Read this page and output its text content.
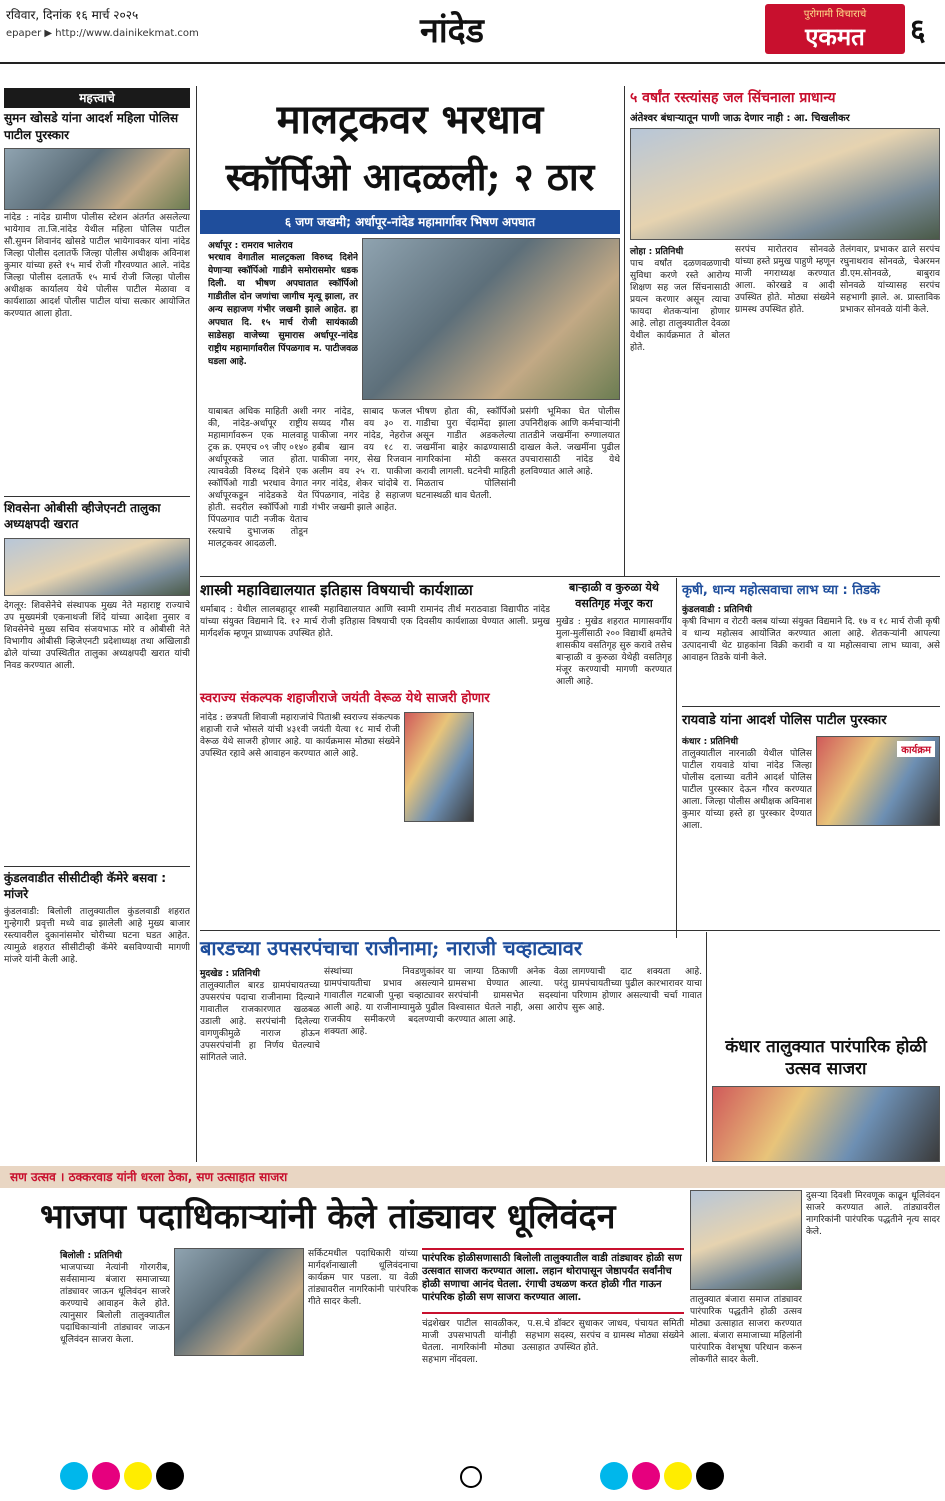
रविवार, दिनांक १६ मार्च २०२५
epaper ▶ http://www.dainikekmat.com	नांदेड	पुरोगामी विचाराचे
एकमत	६
महत्त्वाचे
सुमन खोसडे यांना आदर्श महिला पोलिस पाटील पुरस्कार
नांदेड : नांदेड ग्रामीण पोलीस स्टेशन अंतर्गत असलेल्या भायेगाव ता.जि.नांदेड येथील महिला पोलिस पाटील सौ.सुमन शिवानंद खोसडे पाटील भायेगावकर यांना नांदेड जिल्हा पोलीस दलातर्फे जिल्हा पोलीस अधीक्षक अविनाश कुमार यांच्या हस्ते १५ मार्च रोजी गौरवण्यात आले. नांदेड जिल्हा पोलीस दलातर्फे १५ मार्च रोजी जिल्हा पोलीस अधीक्षक कार्यालय येथे पोलीस पाटील मेळावा व कार्यशाळा आदर्श पोलीस पाटील यांचा सत्कार आयोजित करण्यात आला होता.
शिवसेना ओबीसी व्हीजेएनटी तालुका अध्यक्षपदी खरात
देगलूर: शिवसेनेचे संस्थापक मुख्य नेते महाराष्ट्र राज्याचे उप मुख्यमंत्री एकनाथजी शिंदे यांच्या आदेशा नुसार व शिवसेनेचे मुख्य सचिव संजयभाऊ मोरे व ओबीसी नेते विभागीय ओबीसी व्हिजेएनटी प्रदेशाध्यक्ष तथा अखिलाडी ढोले यांच्या उपस्थितीत तालुका अध्यक्षपदी खरात यांची निवड करण्यात आली.
कुंडलवाडीत सीसीटीव्ही कॅमेरे बसवा : मांजरे
कुंडलवाडी: बिलोली तालुक्यातील कुंडलवाडी शहरात गुन्हेगारी प्रवृत्ती मध्ये वाढ झालेली आहे मुख्य बाजार रस्त्यावरील दुकानांसमोर चोरीच्या घटना घडत आहेत. त्यामुळे शहरात सीसीटीव्ही कॅमेरे बसविण्याची मागणी मांजरे यांनी केली आहे.
मालट्रकवर भरधाव
स्कॉर्पिओ आदळली; २ ठार
६ जण जखमी; अर्धापूर-नांदेड महामार्गावर भिषण अपघात
अर्धापूर : रामराव भालेराव
भरधाव वेगातील मालट्रकला विरुध्द दिशेने येणाऱ्या स्कॉर्पिओ गाडीने समोरासमोर धडक दिली. या भीषण अपघातात स्कॉर्पिओ गाडीतील दोन जणांचा जागीच मृत्यू झाला, तर अन्य सहाजण गंभीर जखमी झाले आहेत. हा अपघात दि. १५ मार्च रोजी सायंकाळी साडेसहा वाजेच्या सुमारास अर्धापूर-नांदेड राष्ट्रीय महामार्गावरील पिंपळगाव म. पाटीजवळ घडला आहे.
याबाबत अधिक माहिती अशी की, नांदेड-अर्धापूर राष्ट्रीय महामार्गावरून एक मालवाहू ट्रक क्र. एमएच ०९ जीए ०१४० अर्धापूरकडे जात होता. त्याचवेळी विरुध्द दिशेने एक स्कॉर्पिओ गाडी भरधाव वेगात अर्धापूरकडून नांदेडकडे येत होती. सदरील स्कॉर्पिओ गाडी पिंपळगाव पाटी नजीक येताच रस्त्याचे दुभाजक तोडून मालट्रकवर आदळली.
नगर नांदेड, साबाद फजल सय्यद गौस वय ३० रा. पाकीजा नगर नांदेड, नेहरोज हबीब खान वय १८ रा. पाकीजा नगर, सेख रिजवान अलीम वय २५ रा. पाकीजा नगर नांदेड, शेकर चांदोबे रा. पिंपळगाव, नांदेड हे सहाजण गंभीर जखमी झाले आहेत.
भीषण होता की, स्कॉर्पिओ गाडीचा पुरा चेंदामेंदा झाला असून गाडीत अडकलेल्या जखमींना बाहेर काढण्यासाठी नागरिकांना मोठी कसरत करावी लागली. घटनेची माहिती मिळताच पोलिसांनी घटनास्थळी धाव घेतली.
प्रसंगी भूमिका घेत पोलीस उपनिरीक्षक आणि कर्मचाऱ्यांनी तातडीने जखमींना रुग्णालयात दाखल केले. जखमींना पुढील उपचारासाठी नांदेड येथे हलविण्यात आले आहे.
५ वर्षांत रस्त्यांसह जल सिंचनाला प्राधान्य
अंतेश्वर बंधाऱ्यातून पाणी जाऊ देणार नाही : आ. चिखलीकर
लोहा : प्रतिनिधी
पाच वर्षांत दळणवळणाची सुविधा करणे रस्ते आरोग्य शिक्षण सह जल सिंचनासाठी प्रयत्न करणार असून त्याचा फायदा शेतकऱ्यांना होणार आहे. लोहा तालुक्यातील देवळा येथील कार्यक्रमात ते बोलत होते.
सरपंच मारोतराव सोनवळे यांच्या हस्ते प्रमुख पाहुणे म्हणून माजी नगराध्यक्ष करण्यात आला. कोरखडे व आदी उपस्थित होते. मोठ्या संख्येने ग्रामस्थ उपस्थित होते.
तेलंगवार, प्रभाकर ढाले सरपंच रघुनाथराव सोनवळे, चेअरमन डी.एम.सोनवळे, बाबुराव सोनवळे यांच्यासह सरपंच सहभागी झाले. अ. प्रास्ताविक प्रभाकर सोनवळे यांनी केले.
शास्त्री महाविद्यालयात इतिहास विषयाची कार्यशाळा
धर्माबाद : येथील लालबहादूर शास्त्री महाविद्यालयात आणि स्वामी रामानंद तीर्थ मराठवाडा विद्यापीठ नांदेड यांच्या संयुक्त विद्यमाने दि. १२ मार्च रोजी इतिहास विषयाची एक दिवसीय कार्यशाळा घेण्यात आली. प्रमुख मार्गदर्शक म्हणून प्राध्यापक उपस्थित होते.
बाऱ्हाळी व कुरुळा येथे वसतिगृह मंजूर करा
मुखेड : मुखेड शहरात मागासवर्गीय मुला-मुलींसाठी २०० विद्यार्थी क्षमतेचे शासकीय वसतिगृह सुरु करावे तसेच बाऱ्हाळी व कुरुळा येथेही वसतिगृह मंजूर करण्याची मागणी करण्यात आली आहे.
स्वराज्य संकल्पक शहाजीराजे जयंती वेरूळ येथे साजरी होणार
नांदेड : छत्रपती शिवाजी महाराजांचे पिताश्री स्वराज्य संकल्पक शहाजी राजे भोसले यांची ४३१वी जयंती येत्या १८ मार्च रोजी वेरूळ येथे साजरी होणार आहे. या कार्यक्रमास मोठ्या संख्येने उपस्थित रहावे असे आवाहन करण्यात आले आहे.
कृषी, धान्य महोत्सवाचा लाभ घ्या : तिडके
कुंडलवाडी : प्रतिनिधी
कृषी विभाग व रोटरी क्लब यांच्या संयुक्त विद्यमाने दि. १७ व १८ मार्च रोजी कृषी व धान्य महोत्सव आयोजित करण्यात आला आहे. शेतकऱ्यांनी आपल्या उत्पादनाची थेट ग्राहकांना विक्री करावी व या महोत्सवाचा लाभ घ्यावा, असे आवाहन तिडके यांनी केले.
रायवाडे यांना आदर्श पोलिस पाटील पुरस्कार
कंधार : प्रतिनिधी
तालुक्यातील नारनाळी येथील पोलिस पाटील रायवाडे यांचा नांदेड जिल्हा पोलीस दलाच्या वतीने आदर्श पोलिस पाटील पुरस्कार देऊन गौरव करण्यात आला. जिल्हा पोलीस अधीक्षक अविनाश कुमार यांच्या हस्ते हा पुरस्कार देण्यात आला.
कार्यक्रम
बारडच्या उपसरपंचाचा राजीनामा; नाराजी चव्हाट्यावर
मुदखेड : प्रतिनिधी
तालुक्यातील बारड ग्रामपंचायतच्या उपसरपंच पदाचा राजीनामा दिल्याने गावातील राजकारणात खळबळ उडाली आहे. सरपंचांनी दिलेल्या वागणुकीमुळे नाराज होऊन उपसरपंचांनी हा निर्णय घेतल्याचे सांगितले जाते.
संस्थांच्या निवडणुकांवर ग्रामपंचायतीचा प्रभाव असल्याने गावातील गटबाजी पुन्हा चव्हाट्यावर आली आहे. या राजीनाम्यामुळे पुढील राजकीय समीकरणे बदलण्याची शक्यता आहे.
या जाग्या ठिकाणी अनेक वेळा ग्रामसभा घेण्यात आल्या. परंतु सरपंचांनी ग्रामसभेत सदस्यांना विश्वासात घेतले नाही, असा आरोप करण्यात आला आहे.
लागण्याची दाट शक्यता आहे. ग्रामपंचायतीच्या पुढील कारभारावर याचा परिणाम होणार असल्याची चर्चा गावात सुरू आहे.
कंधार तालुक्यात पारंपारिक होळी उत्सव साजरा
सण उत्सव । ठक्करवाड यांनी धरला ठेका, सण उत्साहात साजरा
भाजपा पदाधिकाऱ्यांनी केले तांड्यावर धूलिवंदन
बिलोली : प्रतिनिधी
भाजपाच्या नेत्यांनी गोरगरीब, सर्वसामान्य बंजारा समाजाच्या तांड्यावर जाऊन धूलिवंदन साजरे करण्याचे आवाहन केले होते. त्यानुसार बिलोली तालुक्यातील पदाधिकाऱ्यांनी तांड्यावर जाऊन धूलिवंदन साजरा केला.
सर्किटमधील पदाधिकारी यांच्या मार्गदर्शनाखाली धूलिवंदनाचा कार्यक्रम पार पडला. या वेळी तांड्यावरील नागरिकांनी पारंपरिक गीते सादर केली.
पारंपरिक होळीसणासाठी बिलोली तालुक्यातील वाडी तांड्यावर होळी सण उत्सवात साजरा करण्यात आला. लहान थोरापासून जेष्ठापर्यंत सर्वांनीच होळी सणाचा आनंद घेतला. रंगाची उधळण करत होळी गीत गाऊन पारंपरिक होळी सण साजरा करण्यात आला.
चंद्रशेखर पाटील सावळीकर, प.स.चे माजी उपसभापती यांनीही सहभाग घेतला. नागरिकांनी मोठ्या उत्साहात सहभाग नोंदवला.
डॉक्टर सुधाकर जाधव, पंचायत समिती सदस्य, सरपंच व ग्रामस्थ मोठ्या संख्येने उपस्थित होते.
दुसऱ्या दिवशी मिरवणूक काढून धूलिवंदन साजरे करण्यात आले. तांड्यावरील नागरिकांनी पारंपरिक पद्धतीने नृत्य सादर केले.
तालुक्यात बंजारा समाज तांड्यावर पारंपारिक पद्धतीने होळी उत्सव मोठ्या उत्साहात साजरा करण्यात आला. बंजारा समाजाच्या महिलांनी पारंपारिक वेशभूषा परिधान करून लोकगीते सादर केली.
